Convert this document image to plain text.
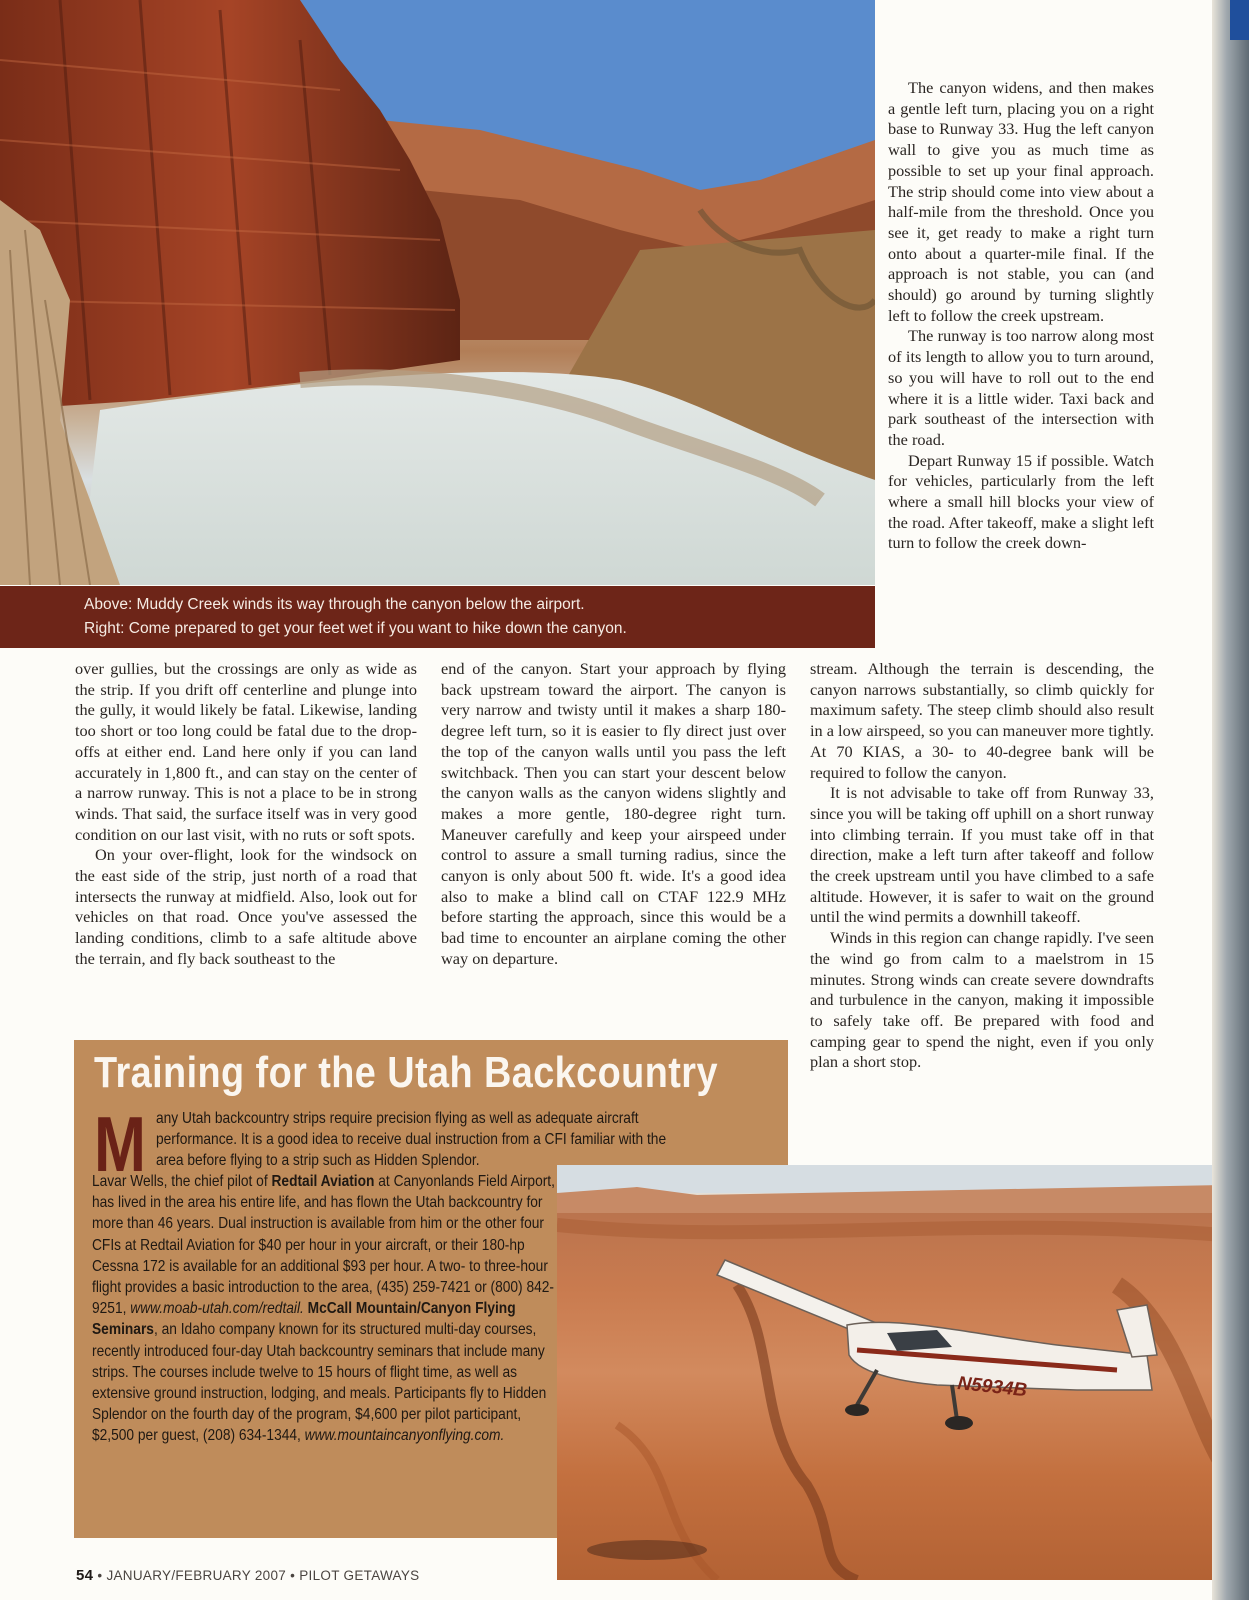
Above: Muddy Creek winds its way through the canyon below the airport.

Right: Come prepared to get your feet wet if you want to hike down the canyon.

The canyon widens, and then makes a gentle left turn, placing you on a right base to Runway 33. Hug the left canyon wall to give you as much time as possible to set up your final approach. The strip should come into view about a half-mile from the threshold. Once you see it, get ready to make a right turn onto about a quarter-mile final. If the approach is not stable, you can (and should) go around by turning slightly left to follow the creek upstream.

The runway is too narrow along most of its length to allow you to turn around, so you will have to roll out to the end where it is a little wider. Taxi back and park southeast of the intersection with the road.

Depart Runway 15 if possible. Watch for vehicles, particularly from the left where a small hill blocks your view of the road. After takeoff, make a slight left turn to follow the creek down-

stream. Although the terrain is descending, the canyon narrows substantially, so climb quickly for maximum safety. The steep climb should also result in a low airspeed, so you can maneuver more tightly. At 70 KIAS, a 30- to 40-degree bank will be required to follow the canyon.

It is not advisable to take off from Runway 33, since you will be taking off uphill on a short runway into climbing terrain. If you must take off in that direction, make a left turn after takeoff and follow the creek upstream until you have climbed to a safe altitude. However, it is safer to wait on the ground until the wind permits a downhill takeoff.

Winds in this region can change rapidly. I've seen the wind go from calm to a maelstrom in 15 minutes. Strong winds can create severe downdrafts and turbulence in the canyon, making it impossible to safely take off. Be prepared with food and camping gear to spend the night, even if you only plan a short stop.

over gullies, but the crossings are only as wide as the strip. If you drift off centerline and plunge into the gully, it would likely be fatal. Likewise, landing too short or too long could be fatal due to the drop-offs at either end. Land here only if you can land accurately in 1,800 ft., and can stay on the center of a narrow runway. This is not a place to be in strong winds. That said, the surface itself was in very good condition on our last visit, with no ruts or soft spots.

On your over-flight, look for the windsock on the east side of the strip, just north of a road that intersects the runway at midfield. Also, look out for vehicles on that road. Once you've assessed the landing conditions, climb to a safe altitude above the terrain, and fly back southeast to the

end of the canyon. Start your approach by flying back upstream toward the airport. The canyon is very narrow and twisty until it makes a sharp 180-degree left turn, so it is easier to fly direct just over the top of the canyon walls until you pass the left switchback. Then you can start your descent below the canyon walls as the canyon widens slightly and makes a more gentle, 180-degree right turn. Maneuver carefully and keep your airspeed under control to assure a small turning radius, since the canyon is only about 500 ft. wide. It's a good idea also to make a blind call on CTAF 122.9 MHz before starting the approach, since this would be a bad time to encounter an airplane coming the other way on departure.

Training for the Utah Backcountry
M any Utah backcountry strips require precision flying as well as adequate aircraft
performance. It is a good idea to receive dual instruction from a CFI familiar with the
area before flying to a strip such as Hidden Splendor.
Lavar Wells, the chief pilot of Redtail Aviation at Canyonlands Field Airport, has lived in the area his entire life, and has flown the Utah backcountry for more than 46 years. Dual instruction is available from him or the other four CFIs at Redtail Aviation for $40 per hour in your aircraft, or their 180-hp Cessna 172 is available for an additional $93 per hour. A two- to three-hour flight provides a basic introduction to the area, (435) 259-7421 or (800) 842-9251, www.moab-utah.com/redtail. McCall Mountain/Canyon Flying Seminars, an Idaho company known for its structured multi-day courses, recently introduced four-day Utah backcountry seminars that include many strips. The courses include twelve to 15 hours of flight time, as well as extensive ground instruction, lodging, and meals. Participants fly to Hidden Splendor on the fourth day of the program, $4,600 per pilot participant, $2,500 per guest, (208) 634-1344, www.mountaincanyonflying.com.
N5934B
54 • JANUARY/FEBRUARY 2007 • PILOT GETAWAYS
